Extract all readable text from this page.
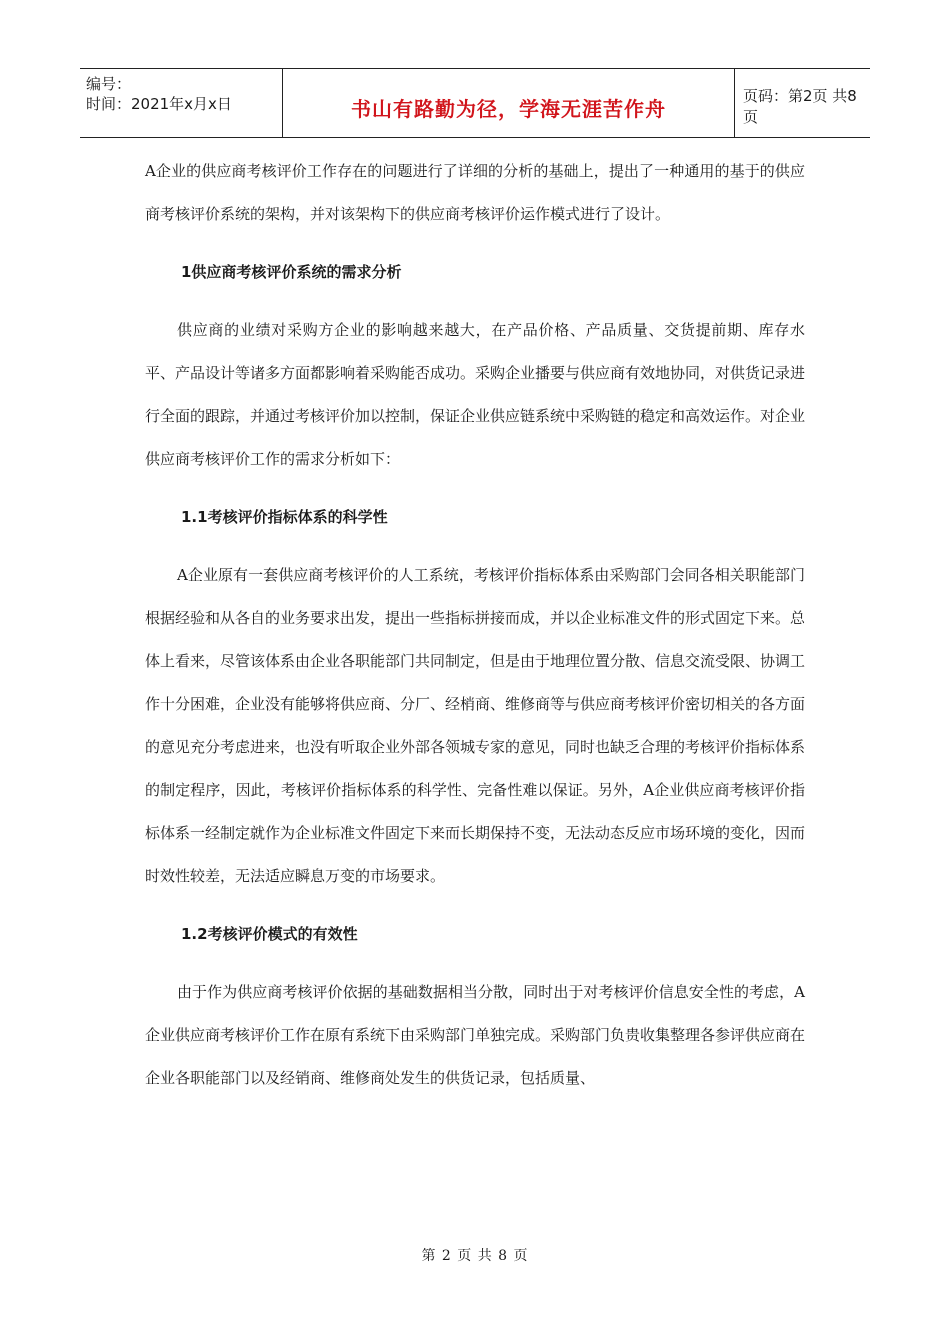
编号：
时间：2021年x月x日	书山有路勤为径，学海无涯苦作舟
页码：第2页 共8页

A企业的供应商考核评价工作存在的问题进行了详细的分析的基础上，提出了一种通用的基于的供应商考核评价系统的架构，并对该架构下的供应商考核评价运作模式进行了设计。

1供应商考核评价系统的需求分析

供应商的业绩对采购方企业的影响越来越大，在产品价格、产品质量、交货提前期、库存水平、产品设计等诸多方面都影响着采购能否成功。采购企业播要与供应商有效地协同，对供货记录进行全面的跟踪，并通过考核评价加以控制，保证企业供应链系统中采购链的稳定和高效运作。对企业供应商考核评价工作的需求分析如下：

1.1考核评价指标体系的科学性

A企业原有一套供应商考核评价的人工系统，考核评价指标体系由采购部门会同各相关职能部门根据经验和从各自的业务要求出发，提出一些指标拼接而成，并以企业标准文件的形式固定下来。总体上看来，尽管该体系由企业各职能部门共同制定，但是由于地理位置分散、信息交流受限、协调工作十分困难，企业没有能够将供应商、分厂、经梢商、维修商等与供应商考核评价密切相关的各方面的意见充分考虑进来，也没有听取企业外部各领城专家的意见，同时也缺乏合理的考核评价指标体系的制定程序，因此，考核评价指标体系的科学性、完备性难以保证。另外，A企业供应商考核评价指标体系一经制定就作为企业标准文件固定下来而长期保持不变，无法动态反应市场环境的变化，因而时效性较差，无法适应瞬息万变的市场要求。

1.2考核评价模式的有效性

由于作为供应商考核评价依据的基础数据相当分散，同时出于对考核评价信息安全性的考虑，A企业供应商考核评价工作在原有系统下由采购部门单独完成。采购部门负贵收集整理各参评供应商在企业各职能部门以及经销商、维修商处发生的供货记录，包括质量、

第 2 页 共 8 页
